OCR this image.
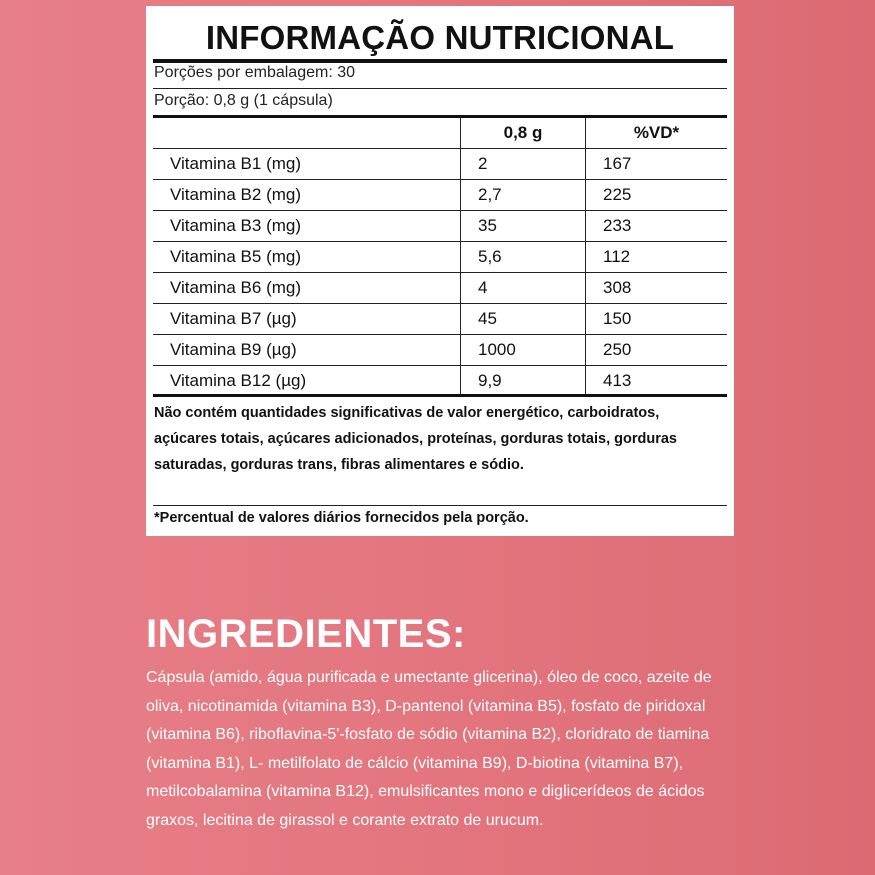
INFORMAÇÃO NUTRICIONAL
Porções por embalagem: 30
Porção: 0,8 g (1 cápsula)
	0,8 g	%VD*
Vitamina B1 (mg)	2	167
Vitamina B2 (mg)	2,7	225
Vitamina B3 (mg)	35	233
Vitamina B5 (mg)	5,6	112
Vitamina B6 (mg)	4	308
Vitamina B7 (µg)	45	150
Vitamina B9 (µg)	1000	250
Vitamina B12 (µg)	9,9	413
Não contém quantidades significativas de valor energético, carboidratos, açúcares totais, açúcares adicionados, proteínas, gorduras totais, gorduras saturadas, gorduras trans, fibras alimentares e sódio.
*Percentual de valores diários fornecidos pela porção.
INGREDIENTES:
Cápsula (amido, água purificada e umectante glicerina), óleo de coco, azeite de oliva, nicotinamida (vitamina B3), D-pantenol (vitamina B5), fosfato de piridoxal (vitamina B6), riboflavina-5'-fosfato de sódio (vitamina B2), cloridrato de tiamina (vitamina B1), L- metilfolato de cálcio (vitamina B9), D-biotina (vitamina B7), metilcobalamina (vitamina B12), emulsificantes mono e diglicerídeos de ácidos graxos, lecitina de girassol e corante extrato de urucum.
